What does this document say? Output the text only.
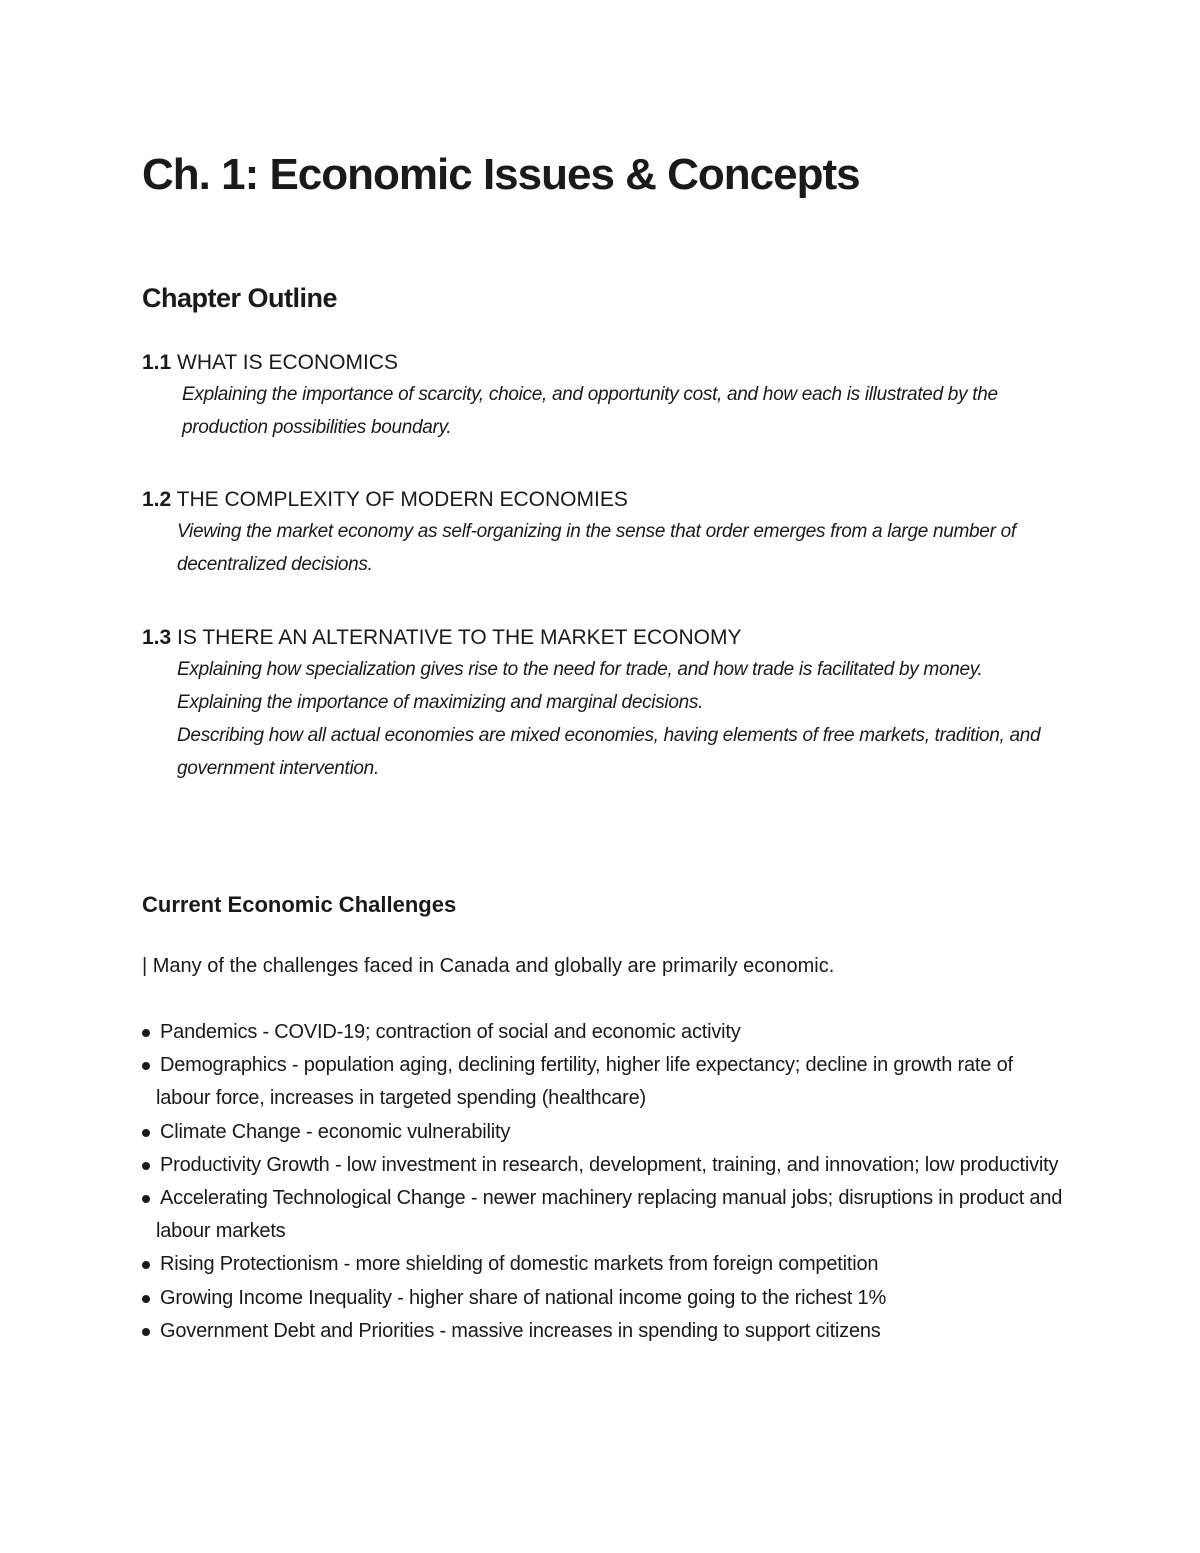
Ch. 1: Economic Issues & Concepts
Chapter Outline
1.1 WHAT IS ECONOMICS

Explaining the importance of scarcity, choice, and opportunity cost, and how each is illustrated by the production possibilities boundary.

1.2 THE COMPLEXITY OF MODERN ECONOMIES

Viewing the market economy as self-organizing in the sense that order emerges from a large number of decentralized decisions.

1.3 IS THERE AN ALTERNATIVE TO THE MARKET ECONOMY

Explaining how specialization gives rise to the need for trade, and how trade is facilitated by money.

Explaining the importance of maximizing and marginal decisions.

Describing how all actual economies are mixed economies, having elements of free markets, tradition, and government intervention.

Current Economic Challenges
| Many of the challenges faced in Canada and globally are primarily economic.
Pandemics - COVID-19; contraction of social and economic activity
Demographics - population aging, declining fertility, higher life expectancy; decline in growth rate of labour force, increases in targeted spending (healthcare)
Climate Change - economic vulnerability
Productivity Growth - low investment in research, development, training, and innovation; low productivity
Accelerating Technological Change - newer machinery replacing manual jobs; disruptions in product and labour markets
Rising Protectionism - more shielding of domestic markets from foreign competition
Growing Income Inequality - higher share of national income going to the richest 1%
Government Debt and Priorities - massive increases in spending to support citizens
